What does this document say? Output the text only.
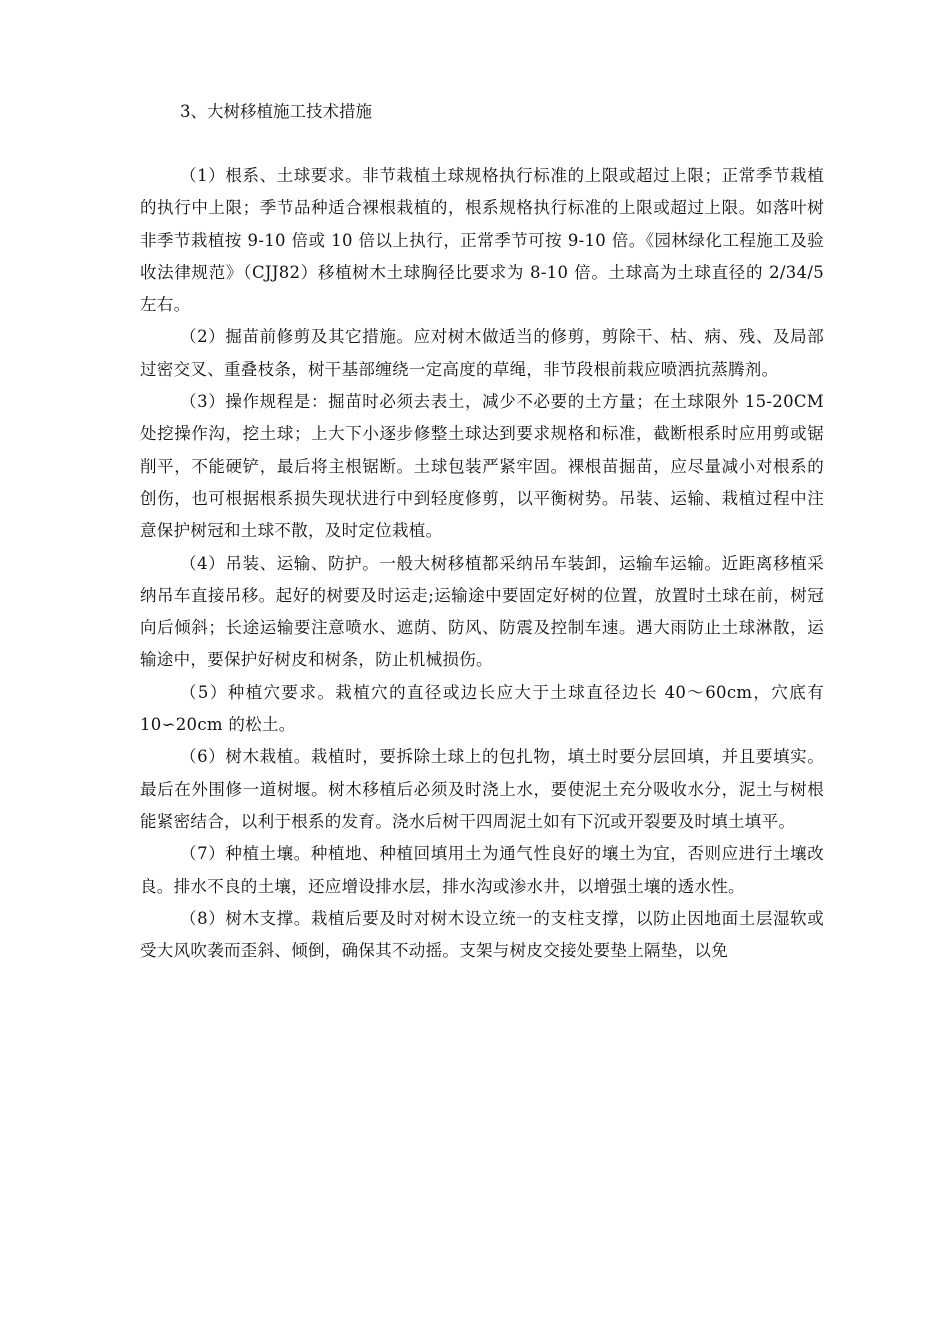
3、大树移植施工技术措施

（1）根系、土球要求。非节栽植土球规格执行标准的上限或超过上限；正常季节栽植的执行中上限；季节品种适合裸根栽植的，根系规格执行标准的上限或超过上限。如落叶树非季节栽植按 9-10 倍或 10 倍以上执行，正常季节可按 9-10 倍。《园林绿化工程施工及验收法律规范》（CJJ82）移植树木土球胸径比要求为 8-10 倍。土球高为土球直径的 2/34/5 左右。

（2）掘苗前修剪及其它措施。应对树木做适当的修剪，剪除干、枯、病、残、及局部过密交叉、重叠枝条，树干基部缠绕一定高度的草绳，非节段根前栽应喷洒抗蒸腾剂。

（3）操作规程是：掘苗时必须去表土，减少不必要的土方量；在土球限外 15-20CM 处挖操作沟，挖土球；上大下小逐步修整土球达到要求规格和标准，截断根系时应用剪或锯削平，不能硬铲，最后将主根锯断。土球包装严紧牢固。裸根苗掘苗，应尽量减小对根系的创伤，也可根据根系损失现状进行中到轻度修剪，以平衡树势。吊装、运输、栽植过程中注意保护树冠和土球不散，及时定位栽植。

（4）吊装、运输、防护。一般大树移植都采纳吊车装卸，运输车运输。近距离移植采纳吊车直接吊移。起好的树要及时运走;运输途中要固定好树的位置，放置时土球在前，树冠向后倾斜；长途运输要注意喷水、遮荫、防风、防震及控制车速。遇大雨防止土球淋散，运输途中，要保护好树皮和树条，防止机械损伤。

（5）种植穴要求。栽植穴的直径或边长应大于土球直径边长 40～60cm，穴底有 10∽20cm 的松土。

（6）树木栽植。栽植时，要拆除土球上的包扎物，填土时要分层回填，并且要填实。最后在外围修一道树堰。树木移植后必须及时浇上水，要使泥土充分吸收水分，泥土与树根能紧密结合，以利于根系的发育。浇水后树干四周泥土如有下沉或开裂要及时填土填平。

（7）种植土壤。种植地、种植回填用土为通气性良好的壤土为宜，否则应进行土壤改良。排水不良的土壤，还应增设排水层，排水沟或渗水井，以增强土壤的透水性。

（8）树木支撑。栽植后要及时对树木设立统一的支柱支撑，以防止因地面土层湿软或受大风吹袭而歪斜、倾倒，确保其不动摇。支架与树皮交接处要垫上隔垫，以免
